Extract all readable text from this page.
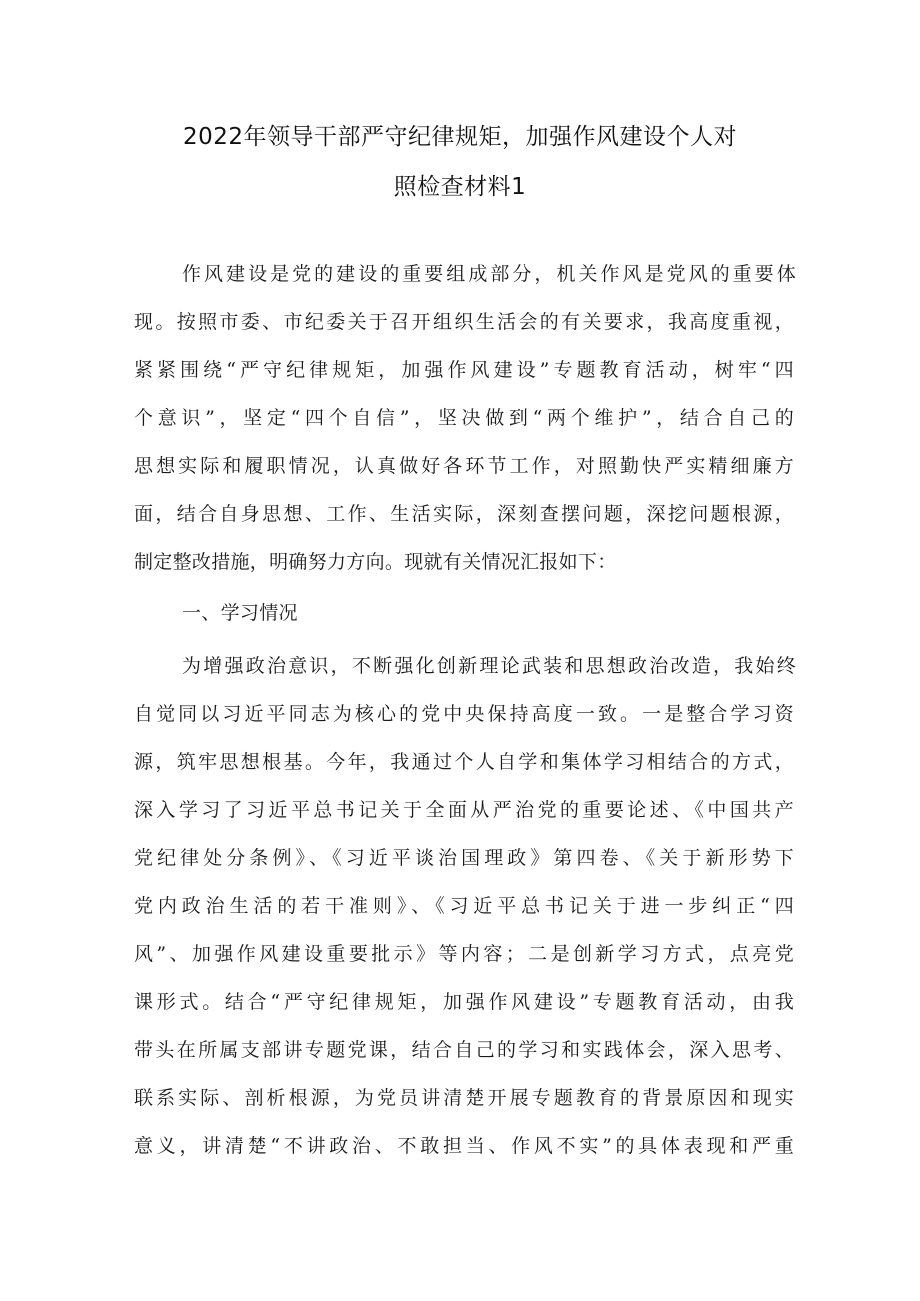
2022年领导干部严守纪律规矩，加强作风建设个人对
照检查材料1
作风建设是党的建设的重要组成部分，机关作风是党风的重要体
现。按照市委、市纪委关于召开组织生活会的有关要求，我高度重视，
紧紧围绕“严守纪律规矩，加强作风建设”专题教育活动，树牢“四
个意识”，坚定“四个自信”，坚决做到“两个维护”，结合自己的
思想实际和履职情况，认真做好各环节工作，对照勤快严实精细廉方
面，结合自身思想、工作、生活实际，深刻查摆问题，深挖问题根源，
制定整改措施，明确努力方向。现就有关情况汇报如下：
一、学习情况
为增强政治意识，不断强化创新理论武装和思想政治改造，我始终
自觉同以习近平同志为核心的党中央保持高度一致。一是整合学习资
源，筑牢思想根基。今年，我通过个人自学和集体学习相结合的方式，
深入学习了习近平总书记关于全面从严治党的重要论述、《中国共产
党纪律处分条例》、《习近平谈治国理政》第四卷、《关于新形势下
党内政治生活的若干准则》、《习近平总书记关于进一步纠正“四
风”、加强作风建设重要批示》等内容；二是创新学习方式，点亮党
课形式。结合“严守纪律规矩，加强作风建设”专题教育活动，由我
带头在所属支部讲专题党课，结合自己的学习和实践体会，深入思考、
联系实际、剖析根源，为党员讲清楚开展专题教育的背景原因和现实
意义，讲清楚“不讲政治、不敢担当、作风不实”的具体表现和严重
